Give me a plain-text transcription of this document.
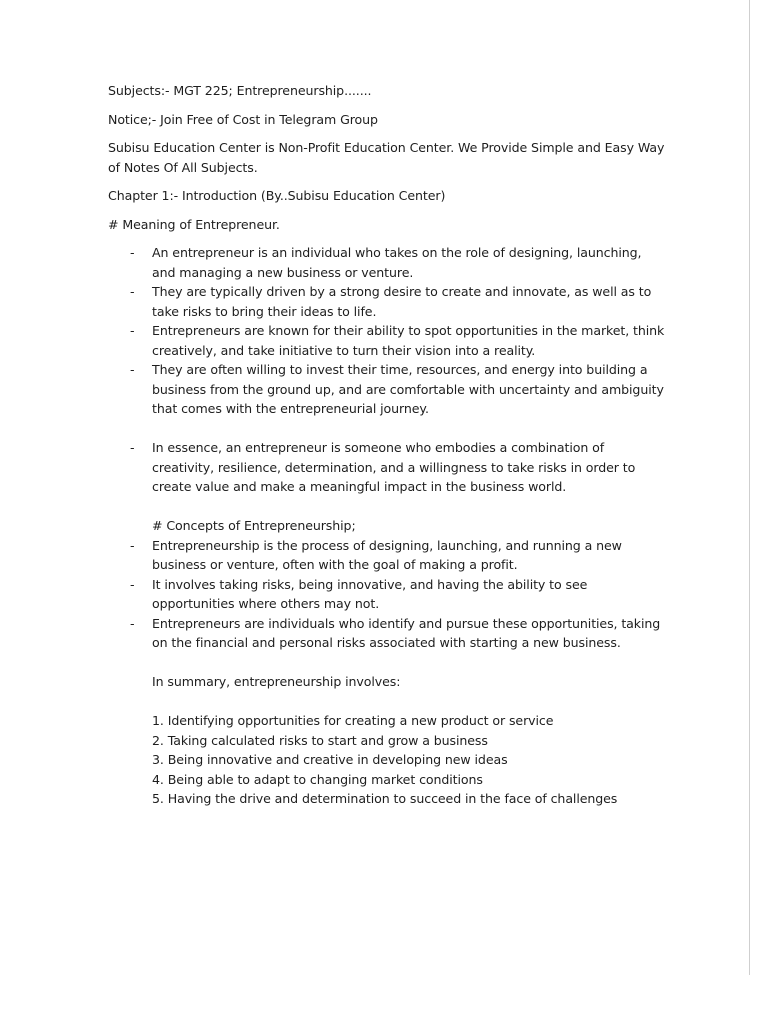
Subjects:- MGT 225; Entrepreneurship.......

Notice;- Join Free of Cost in Telegram Group

Subisu Education Center is Non-Profit Education Center. We Provide Simple and Easy Way of Notes Of All Subjects.

Chapter 1:- Introduction (By..Subisu Education Center)

# Meaning of Entrepreneur.

- An entrepreneur is an individual who takes on the role of designing, launching, and managing a new business or venture.
- They are typically driven by a strong desire to create and innovate, as well as to take risks to bring their ideas to life.
- Entrepreneurs are known for their ability to spot opportunities in the market, think creatively, and take initiative to turn their vision into a reality.
- They are often willing to invest their time, resources, and energy into building a business from the ground up, and are comfortable with uncertainty and ambiguity that comes with the entrepreneurial journey.
- In essence, an entrepreneur is someone who embodies a combination of creativity, resilience, determination, and a willingness to take risks in order to create value and make a meaningful impact in the business world.

# Concepts of Entrepreneurship;

- Entrepreneurship is the process of designing, launching, and running a new business or venture, often with the goal of making a profit.
- It involves taking risks, being innovative, and having the ability to see opportunities where others may not.
- Entrepreneurs are individuals who identify and pursue these opportunities, taking on the financial and personal risks associated with starting a new business.

In summary, entrepreneurship involves:

1. Identifying opportunities for creating a new product or service
2. Taking calculated risks to start and grow a business
3. Being innovative and creative in developing new ideas
4. Being able to adapt to changing market conditions
5. Having the drive and determination to succeed in the face of challenges
